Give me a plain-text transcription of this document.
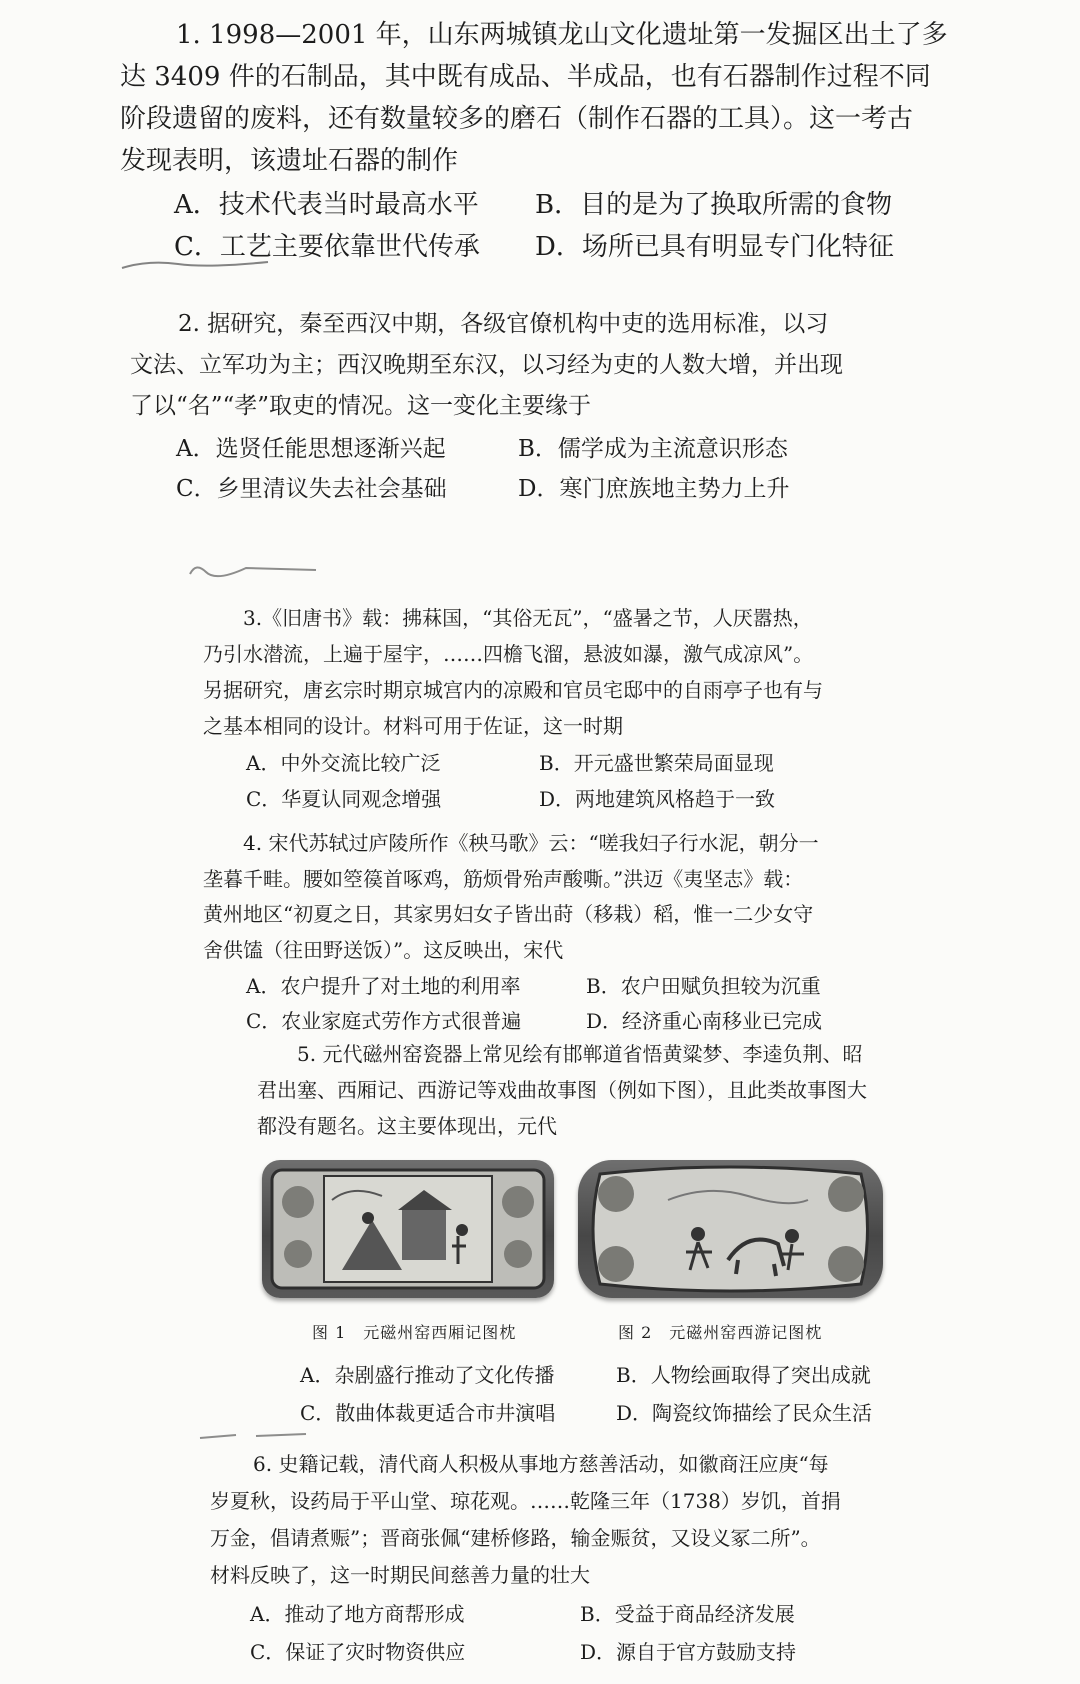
1. 1998—2001 年，山东两城镇龙山文化遗址第一发掘区出土了多

达 3409 件的石制品，其中既有成品、半成品，也有石器制作过程不同

阶段遗留的废料，还有数量较多的磨石（制作石器的工具）。这一考古

发现表明，该遗址石器的制作

A．技术代表当时最高水平 B．目的是为了换取所需的食物
C．工艺主要依靠世代传承 D．场所已具有明显专门化特征

2. 据研究，秦至西汉中期，各级官僚机构中吏的选用标准，以习

文法、立军功为主；西汉晚期至东汉，以习经为吏的人数大增，并出现

了以“名”“孝”取吏的情况。这一变化主要缘于

A．选贤任能思想逐渐兴起	B．儒学成为主流意识形态
C．乡里清议失去社会基础	D．寒门庶族地主势力上升

3.《旧唐书》载：拂菻国，“其俗无瓦”，“盛暑之节，人厌嚣热，

乃引水潜流，上遍于屋宇，……四檐飞溜，悬波如瀑，激气成凉风”。

另据研究，唐玄宗时期京城宫内的凉殿和官员宅邸中的自雨亭子也有与

之基本相同的设计。材料可用于佐证，这一时期

A．中外交流比较广泛	B．开元盛世繁荣局面显现
C．华夏认同观念增强	D．两地建筑风格趋于一致

4. 宋代苏轼过庐陵所作《秧马歌》云：“嗟我妇子行水泥，朝分一

垄暮千畦。腰如箜篌首啄鸡，筋烦骨殆声酸嘶。”洪迈《夷坚志》载：

黄州地区“初夏之日，其家男妇女子皆出莳（移栽）稻，惟一二少女守

舍供馌（往田野送饭）”。这反映出，宋代

A．农户提升了对土地的利用率	B．农户田赋负担较为沉重
C．农业家庭式劳作方式很普遍	D．经济重心南移业已完成

5. 元代磁州窑瓷器上常见绘有邯郸道省悟黄粱梦、李逵负荆、昭

君出塞、西厢记、西游记等戏曲故事图（例如下图），且此类故事图大

都没有题名。这主要体现出，元代

图 1　元磁州窑西厢记图枕	图 2　元磁州窑西游记图枕
A．杂剧盛行推动了文化传播	B．人物绘画取得了突出成就
C．散曲体裁更适合市井演唱	D．陶瓷纹饰描绘了民众生活

6. 史籍记载，清代商人积极从事地方慈善活动，如徽商汪应庚“每

岁夏秋，设药局于平山堂、琼花观。……乾隆三年（1738）岁饥，首捐

万金，倡请煮赈”；晋商张佩“建桥修路，输金赈贫，又设义冢二所”。

材料反映了，这一时期民间慈善力量的壮大

A．推动了地方商帮形成	B．受益于商品经济发展
C．保证了灾时物资供应	D．源自于官方鼓励支持
